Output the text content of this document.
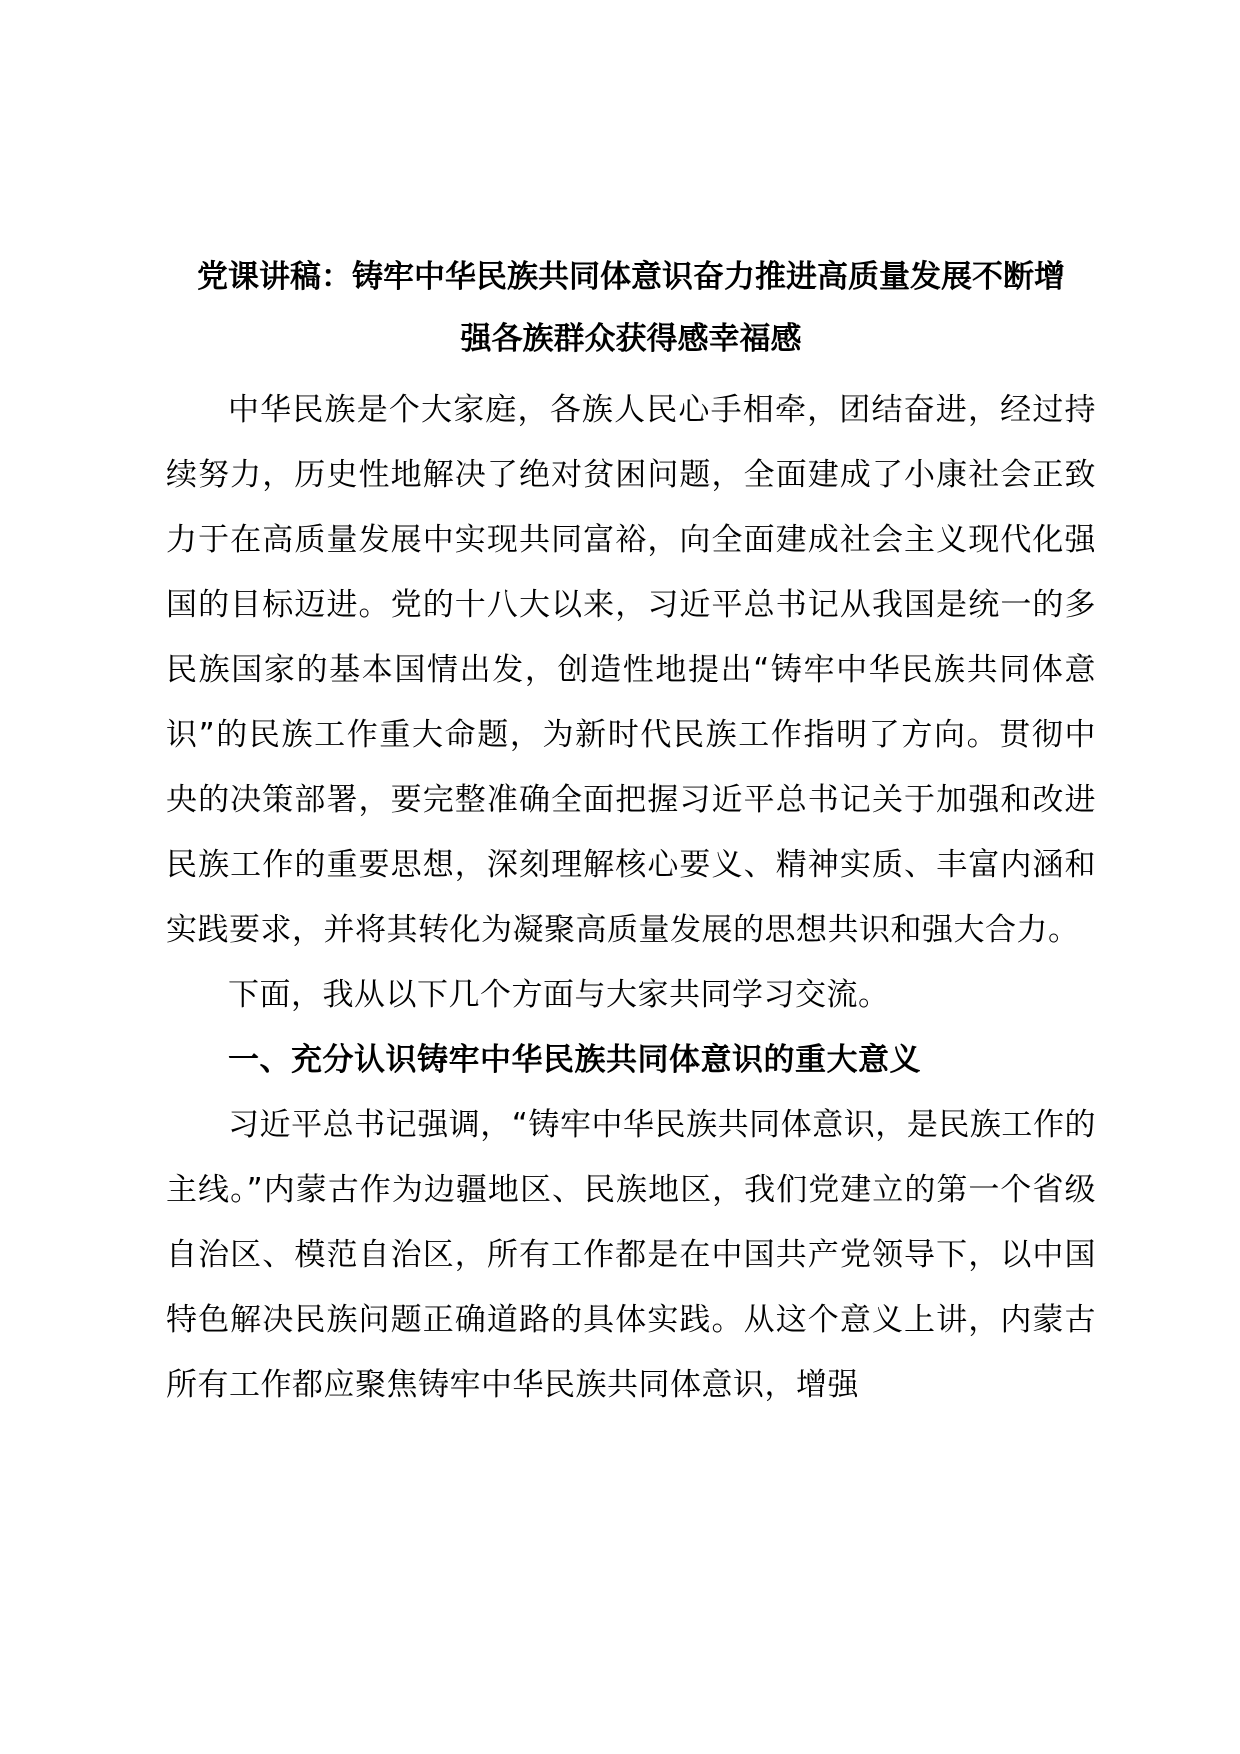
党课讲稿：铸牢中华民族共同体意识奋力推进高质量发展不断增
强各族群众获得感幸福感

中华民族是个大家庭，各族人民心手相牵，团结奋进，经过持续努力，历史性地解决了绝对贫困问题，全面建成了小康社会正致力于在高质量发展中实现共同富裕，向全面建成社会主义现代化强国的目标迈进。党的十八大以来，习近平总书记从我国是统一的多民族国家的基本国情出发，创造性地提出“铸牢中华民族共同体意识”的民族工作重大命题，为新时代民族工作指明了方向。贯彻中央的决策部署，要完整准确全面把握习近平总书记关于加强和改进民族工作的重要思想，深刻理解核心要义、精神实质、丰富内涵和实践要求，并将其转化为凝聚高质量发展的思想共识和强大合力。

下面，我从以下几个方面与大家共同学习交流。

一、充分认识铸牢中华民族共同体意识的重大意义

习近平总书记强调，“铸牢中华民族共同体意识，是民族工作的主线。”内蒙古作为边疆地区、民族地区，我们党建立的第一个省级自治区、模范自治区，所有工作都是在中国共产党领导下，以中国特色解决民族问题正确道路的具体实践。从这个意义上讲，内蒙古所有工作都应聚焦铸牢中华民族共同体意识，增强
